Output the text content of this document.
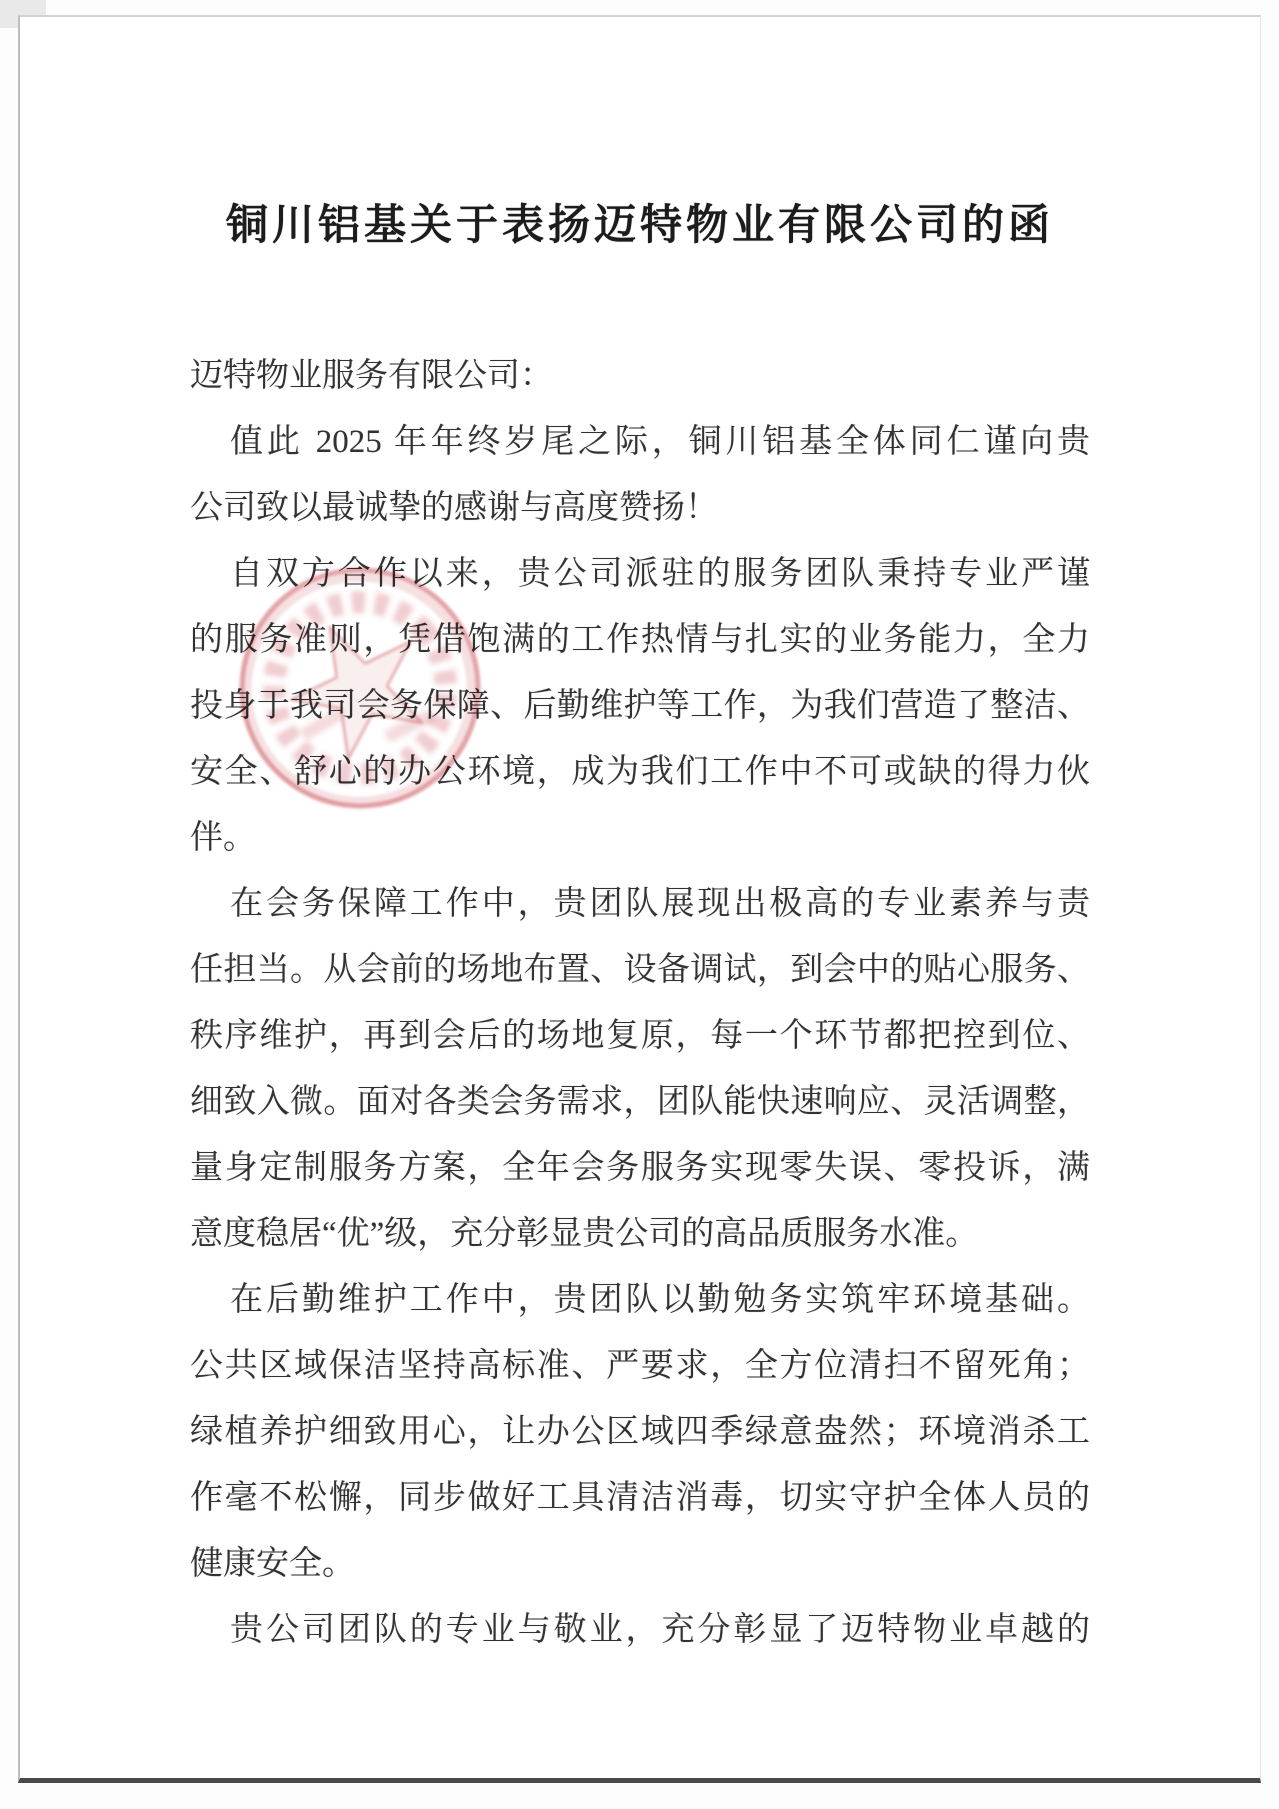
铜川铝基关于表扬迈特物业有限公司的函
迈特物业服务有限公司：
值此 2025 年年终岁尾之际，铜川铝基全体同仁谨向贵
公司致以最诚挚的感谢与高度赞扬！
自双方合作以来，贵公司派驻的服务团队秉持专业严谨
的服务准则，凭借饱满的工作热情与扎实的业务能力，全力
投身于我司会务保障、后勤维护等工作，为我们营造了整洁、
安全、舒心的办公环境，成为我们工作中不可或缺的得力伙
伴。
在会务保障工作中，贵团队展现出极高的专业素养与责
任担当。从会前的场地布置、设备调试，到会中的贴心服务、
秩序维护，再到会后的场地复原，每一个环节都把控到位、
细致入微。面对各类会务需求，团队能快速响应、灵活调整，
量身定制服务方案，全年会务服务实现零失误、零投诉，满
意度稳居“优”级，充分彰显贵公司的高品质服务水准。
在后勤维护工作中，贵团队以勤勉务实筑牢环境基础。
公共区域保洁坚持高标准、严要求，全方位清扫不留死角；
绿植养护细致用心，让办公区域四季绿意盎然；环境消杀工
作毫不松懈，同步做好工具清洁消毒，切实守护全体人员的
健康安全。
贵公司团队的专业与敬业，充分彰显了迈特物业卓越的
